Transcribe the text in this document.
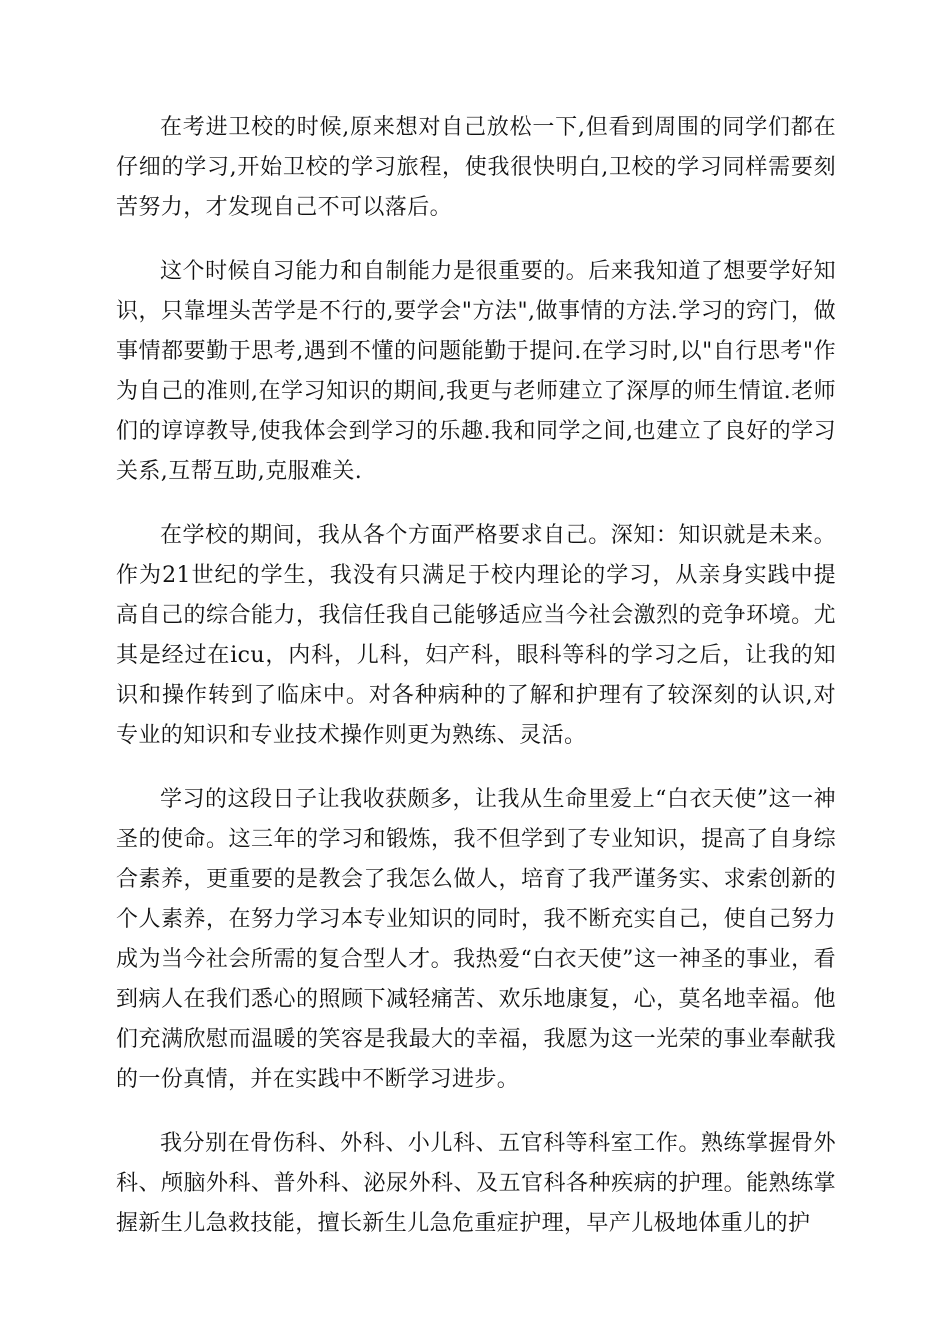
在考进卫校的时候,原来想对自己放松一下,但看到周围的同学们都在仔细的学习,开始卫校的学习旅程，使我很快明白,卫校的学习同样需要刻苦努力，才发现自己不可以落后。

这个时候自习能力和自制能力是很重要的。后来我知道了想要学好知识，只靠埋头苦学是不行的,要学会"方法",做事情的方法.学习的窍门，做事情都要勤于思考,遇到不懂的问题能勤于提问.在学习时,以"自行思考"作为自己的准则,在学习知识的期间,我更与老师建立了深厚的师生情谊.老师们的谆谆教导,使我体会到学习的乐趣.我和同学之间,也建立了良好的学习关系,互帮互助,克服难关.

在学校的期间，我从各个方面严格要求自己。深知：知识就是未来。作为21世纪的学生，我没有只满足于校内理论的学习，从亲身实践中提高自己的综合能力，我信任我自己能够适应当今社会激烈的竞争环境。尤其是经过在icu，内科，儿科，妇产科，眼科等科的学习之后，让我的知识和操作转到了临床中。对各种病种的了解和护理有了较深刻的认识,对专业的知识和专业技术操作则更为熟练、灵活。

学习的这段日子让我收获颇多，让我从生命里爱上“白衣天使”这一神圣的使命。这三年的学习和锻炼，我不但学到了专业知识，提高了自身综合素养，更重要的是教会了我怎么做人，培育了我严谨务实、求索创新的个人素养，在努力学习本专业知识的同时，我不断充实自己，使自己努力成为当今社会所需的复合型人才。我热爱“白衣天使”这一神圣的事业，看到病人在我们悉心的照顾下减轻痛苦、欢乐地康复，心，莫名地幸福。他们充满欣慰而温暖的笑容是我最大的幸福，我愿为这一光荣的事业奉献我的一份真情，并在实践中不断学习进步。

我分别在骨伤科、外科、小儿科、五官科等科室工作。熟练掌握骨外科、颅脑外科、普外科、泌尿外科、及五官科各种疾病的护理。能熟练掌握新生儿急救技能，擅长新生儿急危重症护理，早产儿极地体重儿的护
